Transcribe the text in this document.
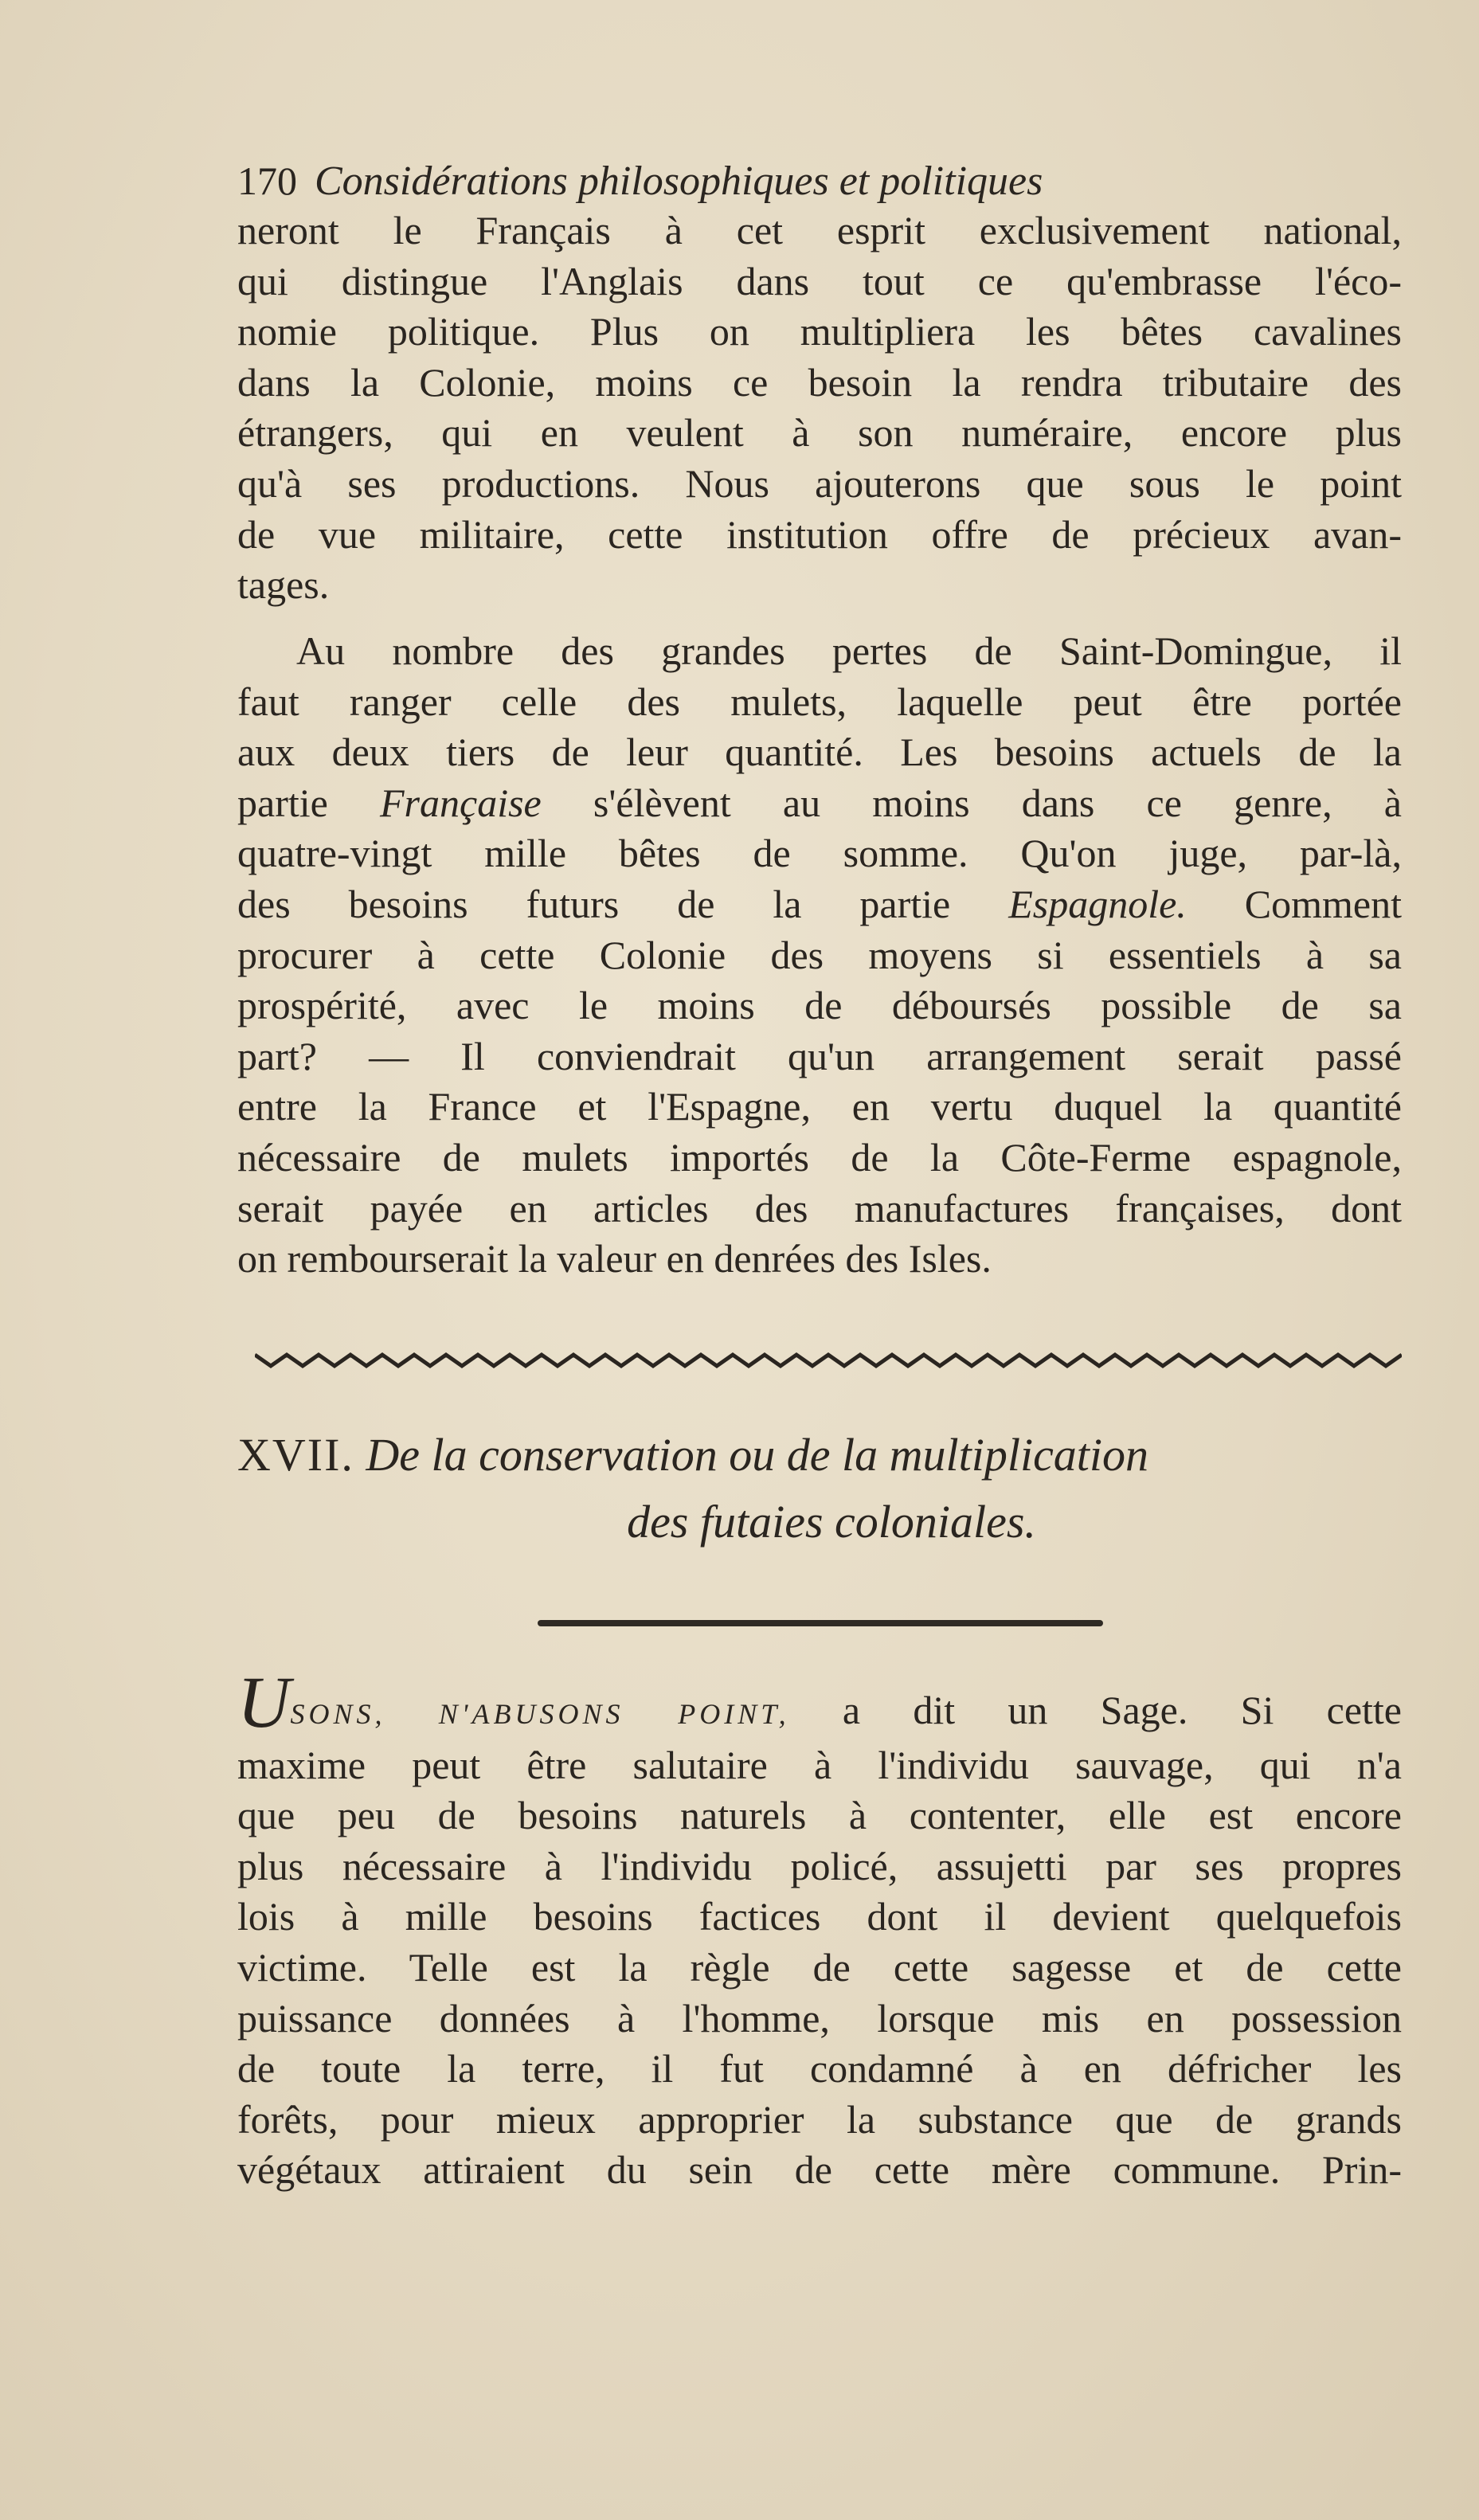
170 Considérations philosophiques et politiques
neront le Français à cet esprit exclusivement national,
qui distingue l'Anglais dans tout ce qu'embrasse l'éco-
nomie politique. Plus on multipliera les bêtes cavalines
dans la Colonie, moins ce besoin la rendra tributaire des
étrangers, qui en veulent à son numéraire, encore plus
qu'à ses productions. Nous ajouterons que sous le point
de vue militaire, cette institution offre de précieux avan-
tages.
Au nombre des grandes pertes de Saint-Domingue, il
faut ranger celle des mulets, laquelle peut être portée
aux deux tiers de leur quantité. Les besoins actuels de la
partie Française s'élèvent au moins dans ce genre, à
quatre-vingt mille bêtes de somme. Qu'on juge, par-là,
des besoins futurs de la partie Espagnole. Comment
procurer à cette Colonie des moyens si essentiels à sa
prospérité, avec le moins de déboursés possible de sa
part? — Il conviendrait qu'un arrangement serait passé
entre la France et l'Espagne, en vertu duquel la quantité
nécessaire de mulets importés de la Côte-Ferme espagnole,
serait payée en articles des manufactures françaises, dont
on rembourserait la valeur en denrées des Isles.
XVII. De la conservation ou de la multiplication
des futaies coloniales.
USONS, N'ABUSONS POINT, a dit un Sage. Si cette
maxime peut être salutaire à l'individu sauvage, qui n'a
que peu de besoins naturels à contenter, elle est encore
plus nécessaire à l'individu policé, assujetti par ses propres
lois à mille besoins factices dont il devient quelquefois
victime. Telle est la règle de cette sagesse et de cette
puissance données à l'homme, lorsque mis en possession
de toute la terre, il fut condamné à en défricher les
forêts, pour mieux approprier la substance que de grands
végétaux attiraient du sein de cette mère commune. Prin-
